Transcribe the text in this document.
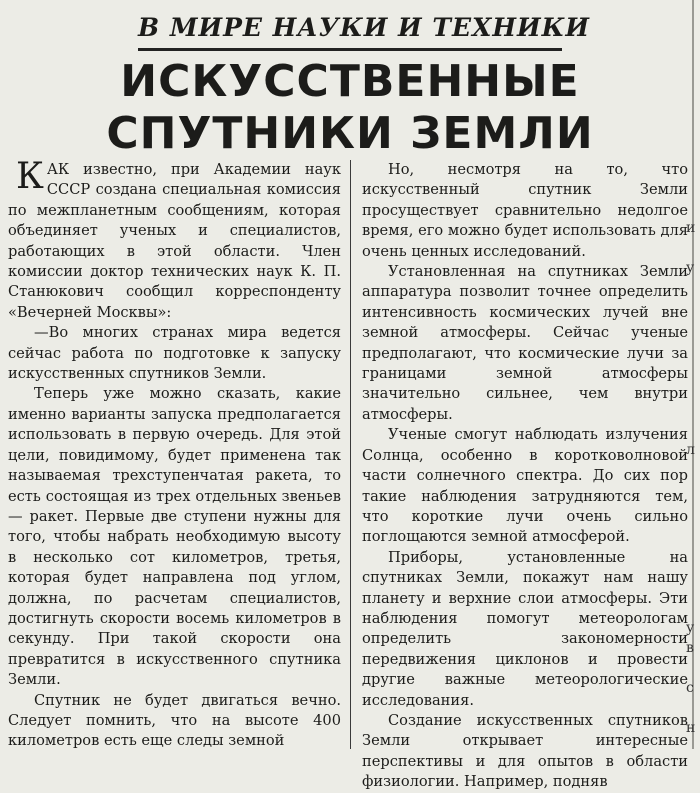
В МИРЕ НАУКИ И ТЕХНИКИ
ИСКУССТВЕННЫЕ
СПУТНИКИ ЗЕМЛИ

КАК известно, при Академии наук СССР создана специальная комиссия по межпланетным сообщениям, которая объединяет ученых и специалистов, работающих в этой области. Член комиссии доктор технических наук К. П. Станюкович сообщил корреспонденту «Вечерней Москвы»:

—Во многих странах мира ведется сейчас работа по подготовке к запуску искусственных спутников Земли.

Теперь уже можно сказать, какие именно варианты запуска предполагается использовать в первую очередь. Для этой цели, повидимому, будет применена так называемая трехступенчатая ракета, то есть состоящая из трех отдельных звеньев — ракет. Первые две ступени нужны для того, чтобы набрать необходимую высоту в несколько сот километров, третья, которая будет направлена под углом, должна, по расчетам специалистов, достигнуть скорости восемь километров в секунду. При такой скорости она превратится в искусственного спутника Земли.

Спутник не будет двигаться вечно. Следует помнить, что на высоте 400 километров есть еще следы земной

Но, несмотря на то, что искусственный спутник Земли просуществует сравнительно недолгое время, его можно будет использовать для очень ценных исследований.

Установленная на спутниках Земли аппаратура позволит точнее определить интенсивность космических лучей вне земной атмосферы. Сейчас ученые предполагают, что космические лучи за границами земной атмосферы значительно сильнее, чем внутри атмосферы.

Ученые смогут наблюдать излучения Солнца, особенно в коротковолновой части солнечного спектра. До сих пор такие наблюдения затрудняются тем, что короткие лучи очень сильно поглощаются земной атмосферой.

Приборы, установленные на спутниках Земли, покажут нам нашу планету и верхние слои атмосферы. Эти наблюдения помогут метеорологам определить закономерности передвижения циклонов и провести другие важные метеорологические исследования.

Создание искусственных спутников Земли открывает интересные перспективы и для опытов в области физиологии. Например, подняв

и
у
л
у
в
с
н
